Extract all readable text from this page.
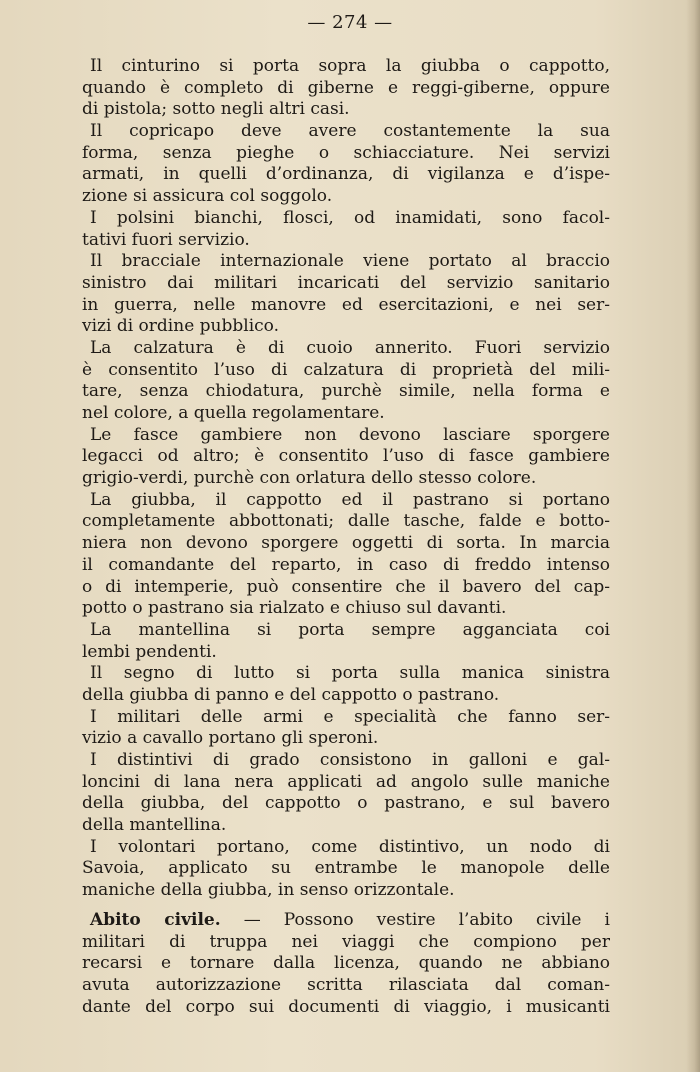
— 274 —
Il cinturino si porta sopra la giubba o cappotto,
quando è completo di giberne e reggi-giberne, oppure
di pistola; sotto negli altri casi.
Il copricapo deve avere costantemente la sua
forma, senza pieghe o schiacciature. Nei servizi
armati, in quelli d’ordinanza, di vigilanza e d’ispe-
zione si assicura col soggolo.
I polsini bianchi, flosci, od inamidati, sono facol-
tativi fuori servizio.
Il bracciale internazionale viene portato al braccio
sinistro dai militari incaricati del servizio sanitario
in guerra, nelle manovre ed esercitazioni, e nei ser-
vizi di ordine pubblico.
La calzatura è di cuoio annerito. Fuori servizio
è consentito l’uso di calzatura di proprietà del mili-
tare, senza chiodatura, purchè simile, nella forma e
nel colore, a quella regolamentare.
Le fasce gambiere non devono lasciare sporgere
legacci od altro; è consentito l’uso di fasce gambiere
grigio-verdi, purchè con orlatura dello stesso colore.
La giubba, il cappotto ed il pastrano si portano
completamente abbottonati; dalle tasche, falde e botto-
niera non devono sporgere oggetti di sorta. In marcia
il comandante del reparto, in caso di freddo intenso
o di intemperie, può consentire che il bavero del cap-
potto o pastrano sia rialzato e chiuso sul davanti.
La mantellina si porta sempre agganciata coi
lembi pendenti.
Il segno di lutto si porta sulla manica sinistra
della giubba di panno e del cappotto o pastrano.
I militari delle armi e specialità che fanno ser-
vizio a cavallo portano gli speroni.
I distintivi di grado consistono in galloni e gal-
loncini di lana nera applicati ad angolo sulle maniche
della giubba, del cappotto o pastrano, e sul bavero
della mantellina.
I volontari portano, come distintivo, un nodo di
Savoia, applicato su entrambe le manopole delle
maniche della giubba, in senso orizzontale.
Abito civile. — Possono vestire l’abito civile i
militari di truppa nei viaggi che compiono per
recarsi e tornare dalla licenza, quando ne abbiano
avuta autorizzazione scritta rilasciata dal coman-
dante del corpo sui documenti di viaggio, i musicanti
